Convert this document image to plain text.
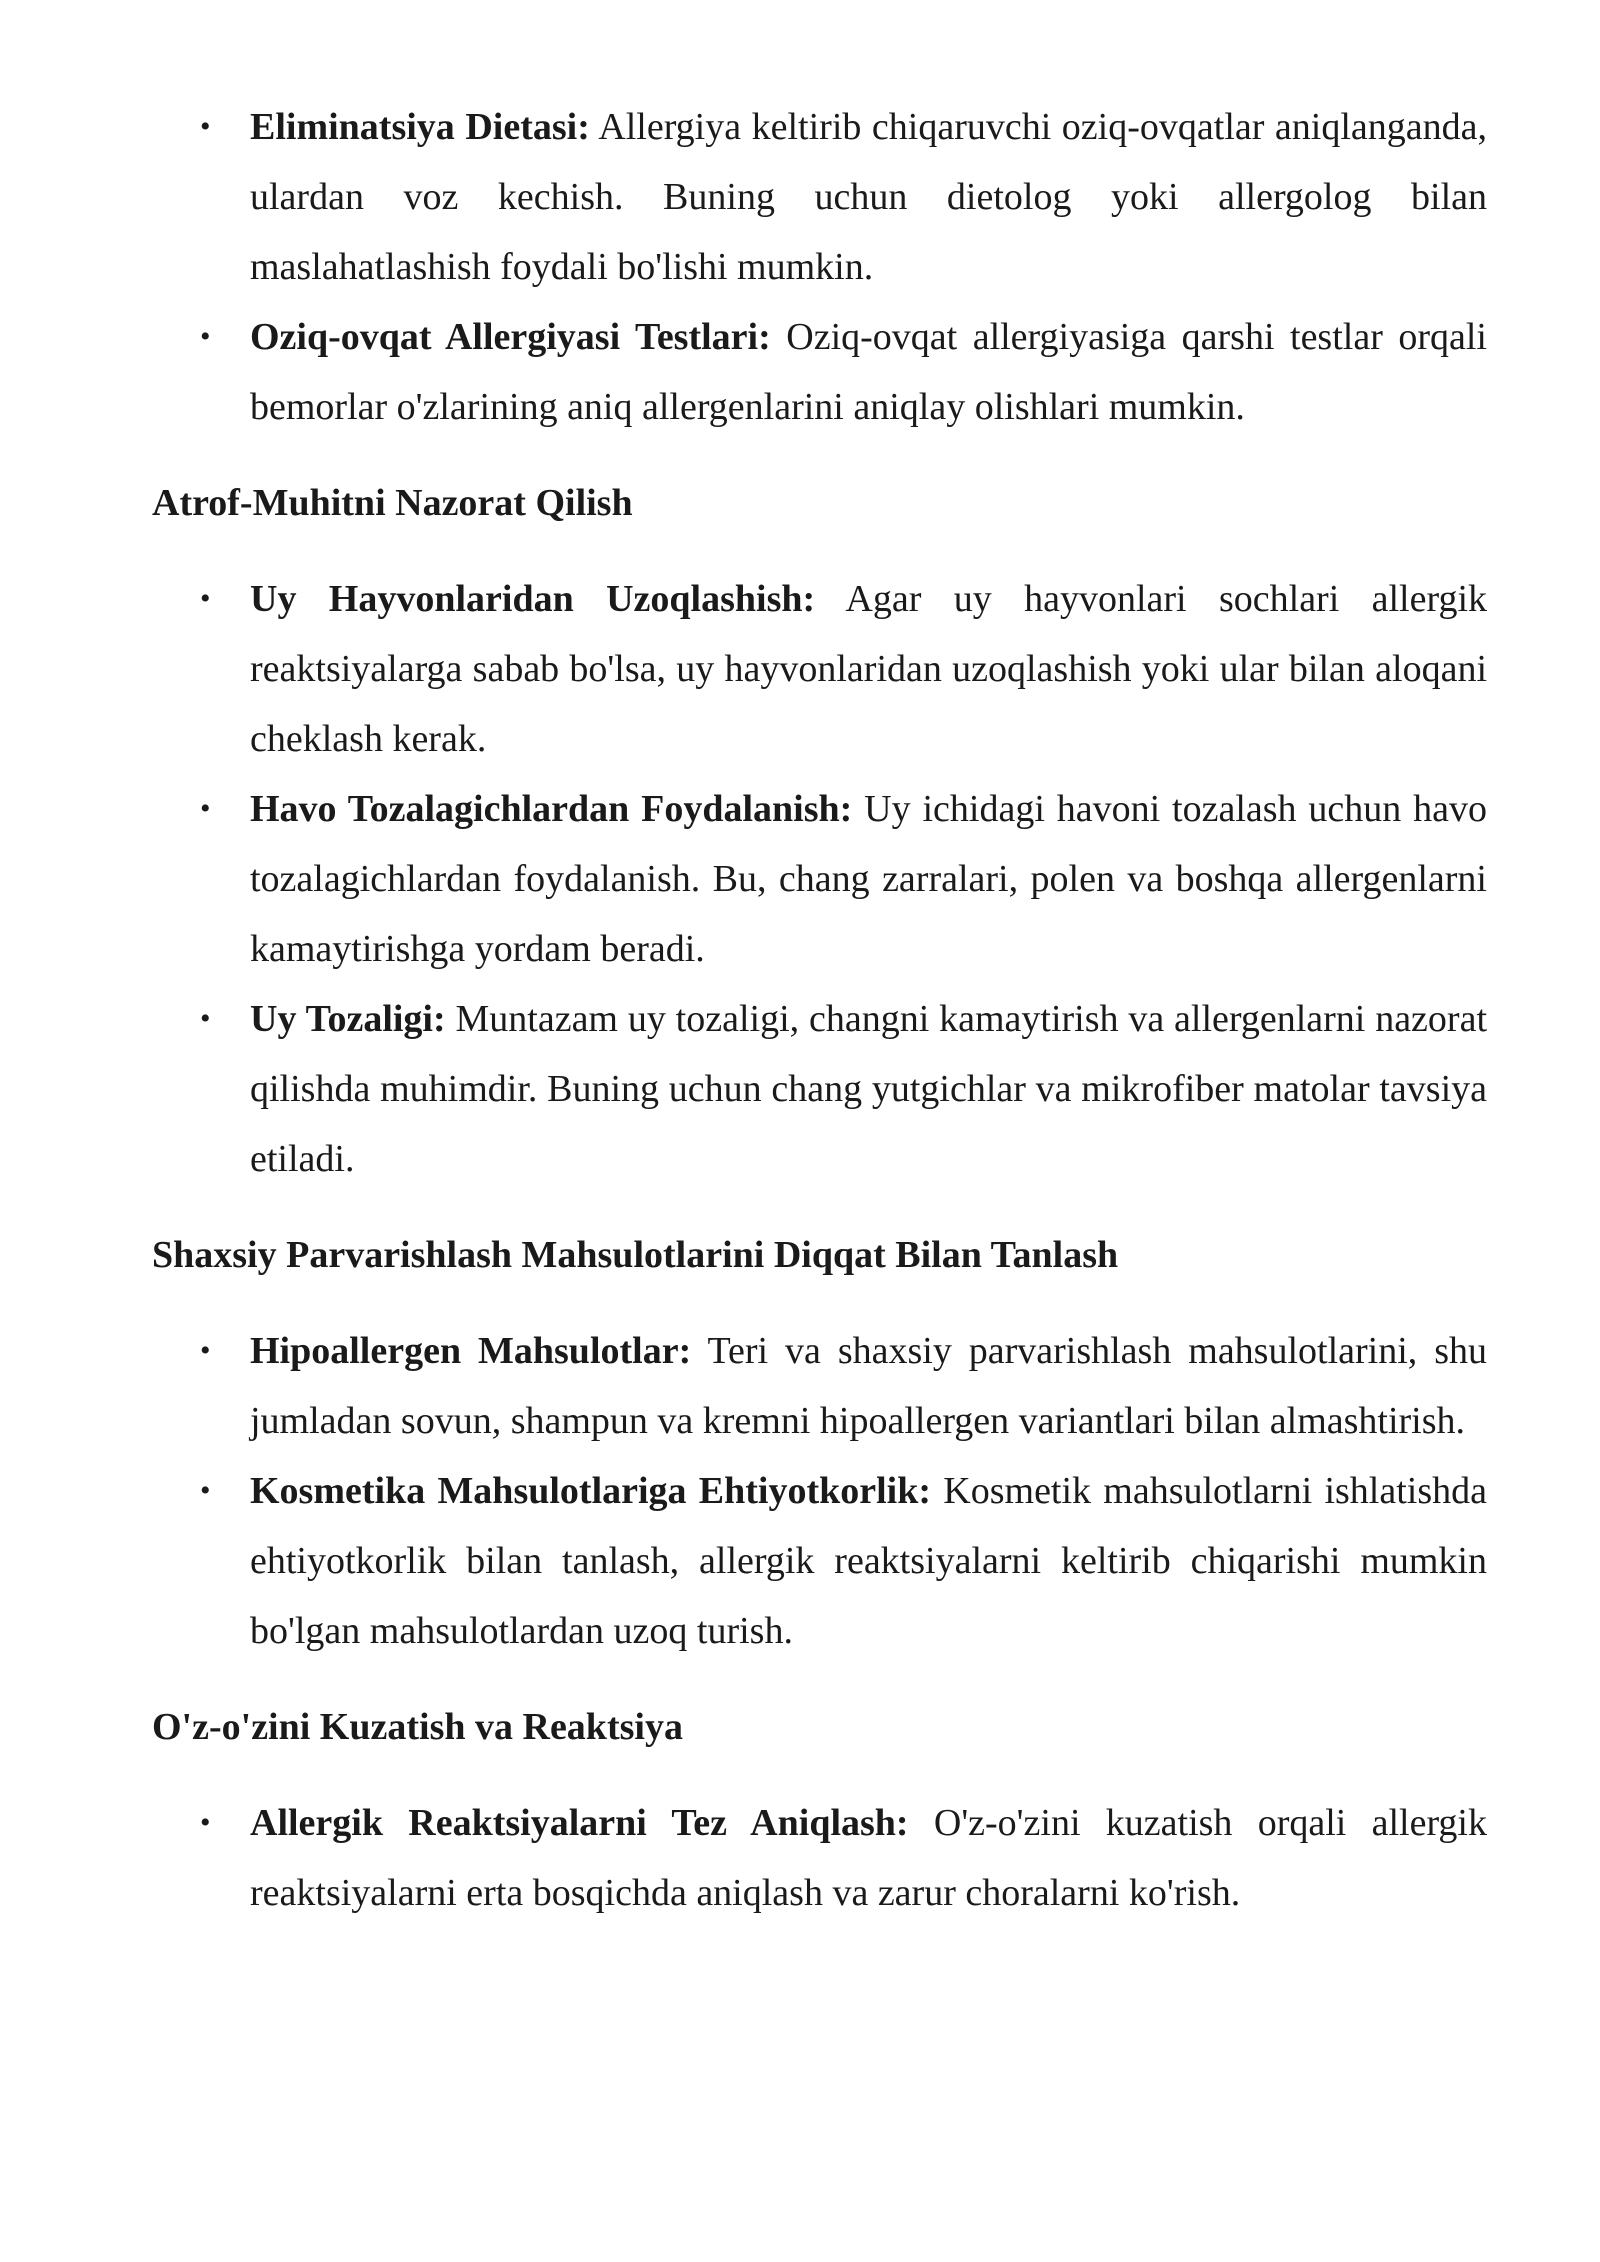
• Eliminatsiya Dietasi: Allergiya keltirib chiqaruvchi oziq-ovqatlar aniqlanganda, ulardan voz kechish. Buning uchun dietolog yoki allergolog bilan maslahatlashish foydali bo'lishi mumkin.
• Oziq-ovqat Allergiyasi Testlari: Oziq-ovqat allergiyasiga qarshi testlar orqali bemorlar o'zlarining aniq allergenlarini aniqlay olishlari mumkin.
Atrof-Muhitni Nazorat Qilish
• Uy Hayvonlaridan Uzoqlashish: Agar uy hayvonlari sochlari allergik reaktsiyalarga sabab bo'lsa, uy hayvonlaridan uzoqlashish yoki ular bilan aloqani cheklash kerak.
• Havo Tozalagichlardan Foydalanish: Uy ichidagi havoni tozalash uchun havo tozalagichlardan foydalanish. Bu, chang zarralari, polen va boshqa allergenlarni kamaytirishga yordam beradi.
• Uy Tozaligi: Muntazam uy tozaligi, changni kamaytirish va allergenlarni nazorat qilishda muhimdir. Buning uchun chang yutgichlar va mikrofiber matolar tavsiya etiladi.
Shaxsiy Parvarishlash Mahsulotlarini Diqqat Bilan Tanlash
• Hipoallergen Mahsulotlar: Teri va shaxsiy parvarishlash mahsulotlarini, shu jumladan sovun, shampun va kremni hipoallergen variantlari bilan almashtirish.
• Kosmetika Mahsulotlariga Ehtiyotkorlik: Kosmetik mahsulotlarni ishlatishda ehtiyotkorlik bilan tanlash, allergik reaktsiyalarni keltirib chiqarishi mumkin bo'lgan mahsulotlardan uzoq turish.
O'z-o'zini Kuzatish va Reaktsiya
• Allergik Reaktsiyalarni Tez Aniqlash: O'z-o'zini kuzatish orqali allergik reaktsiyalarni erta bosqichda aniqlash va zarur choralarni ko'rish.
